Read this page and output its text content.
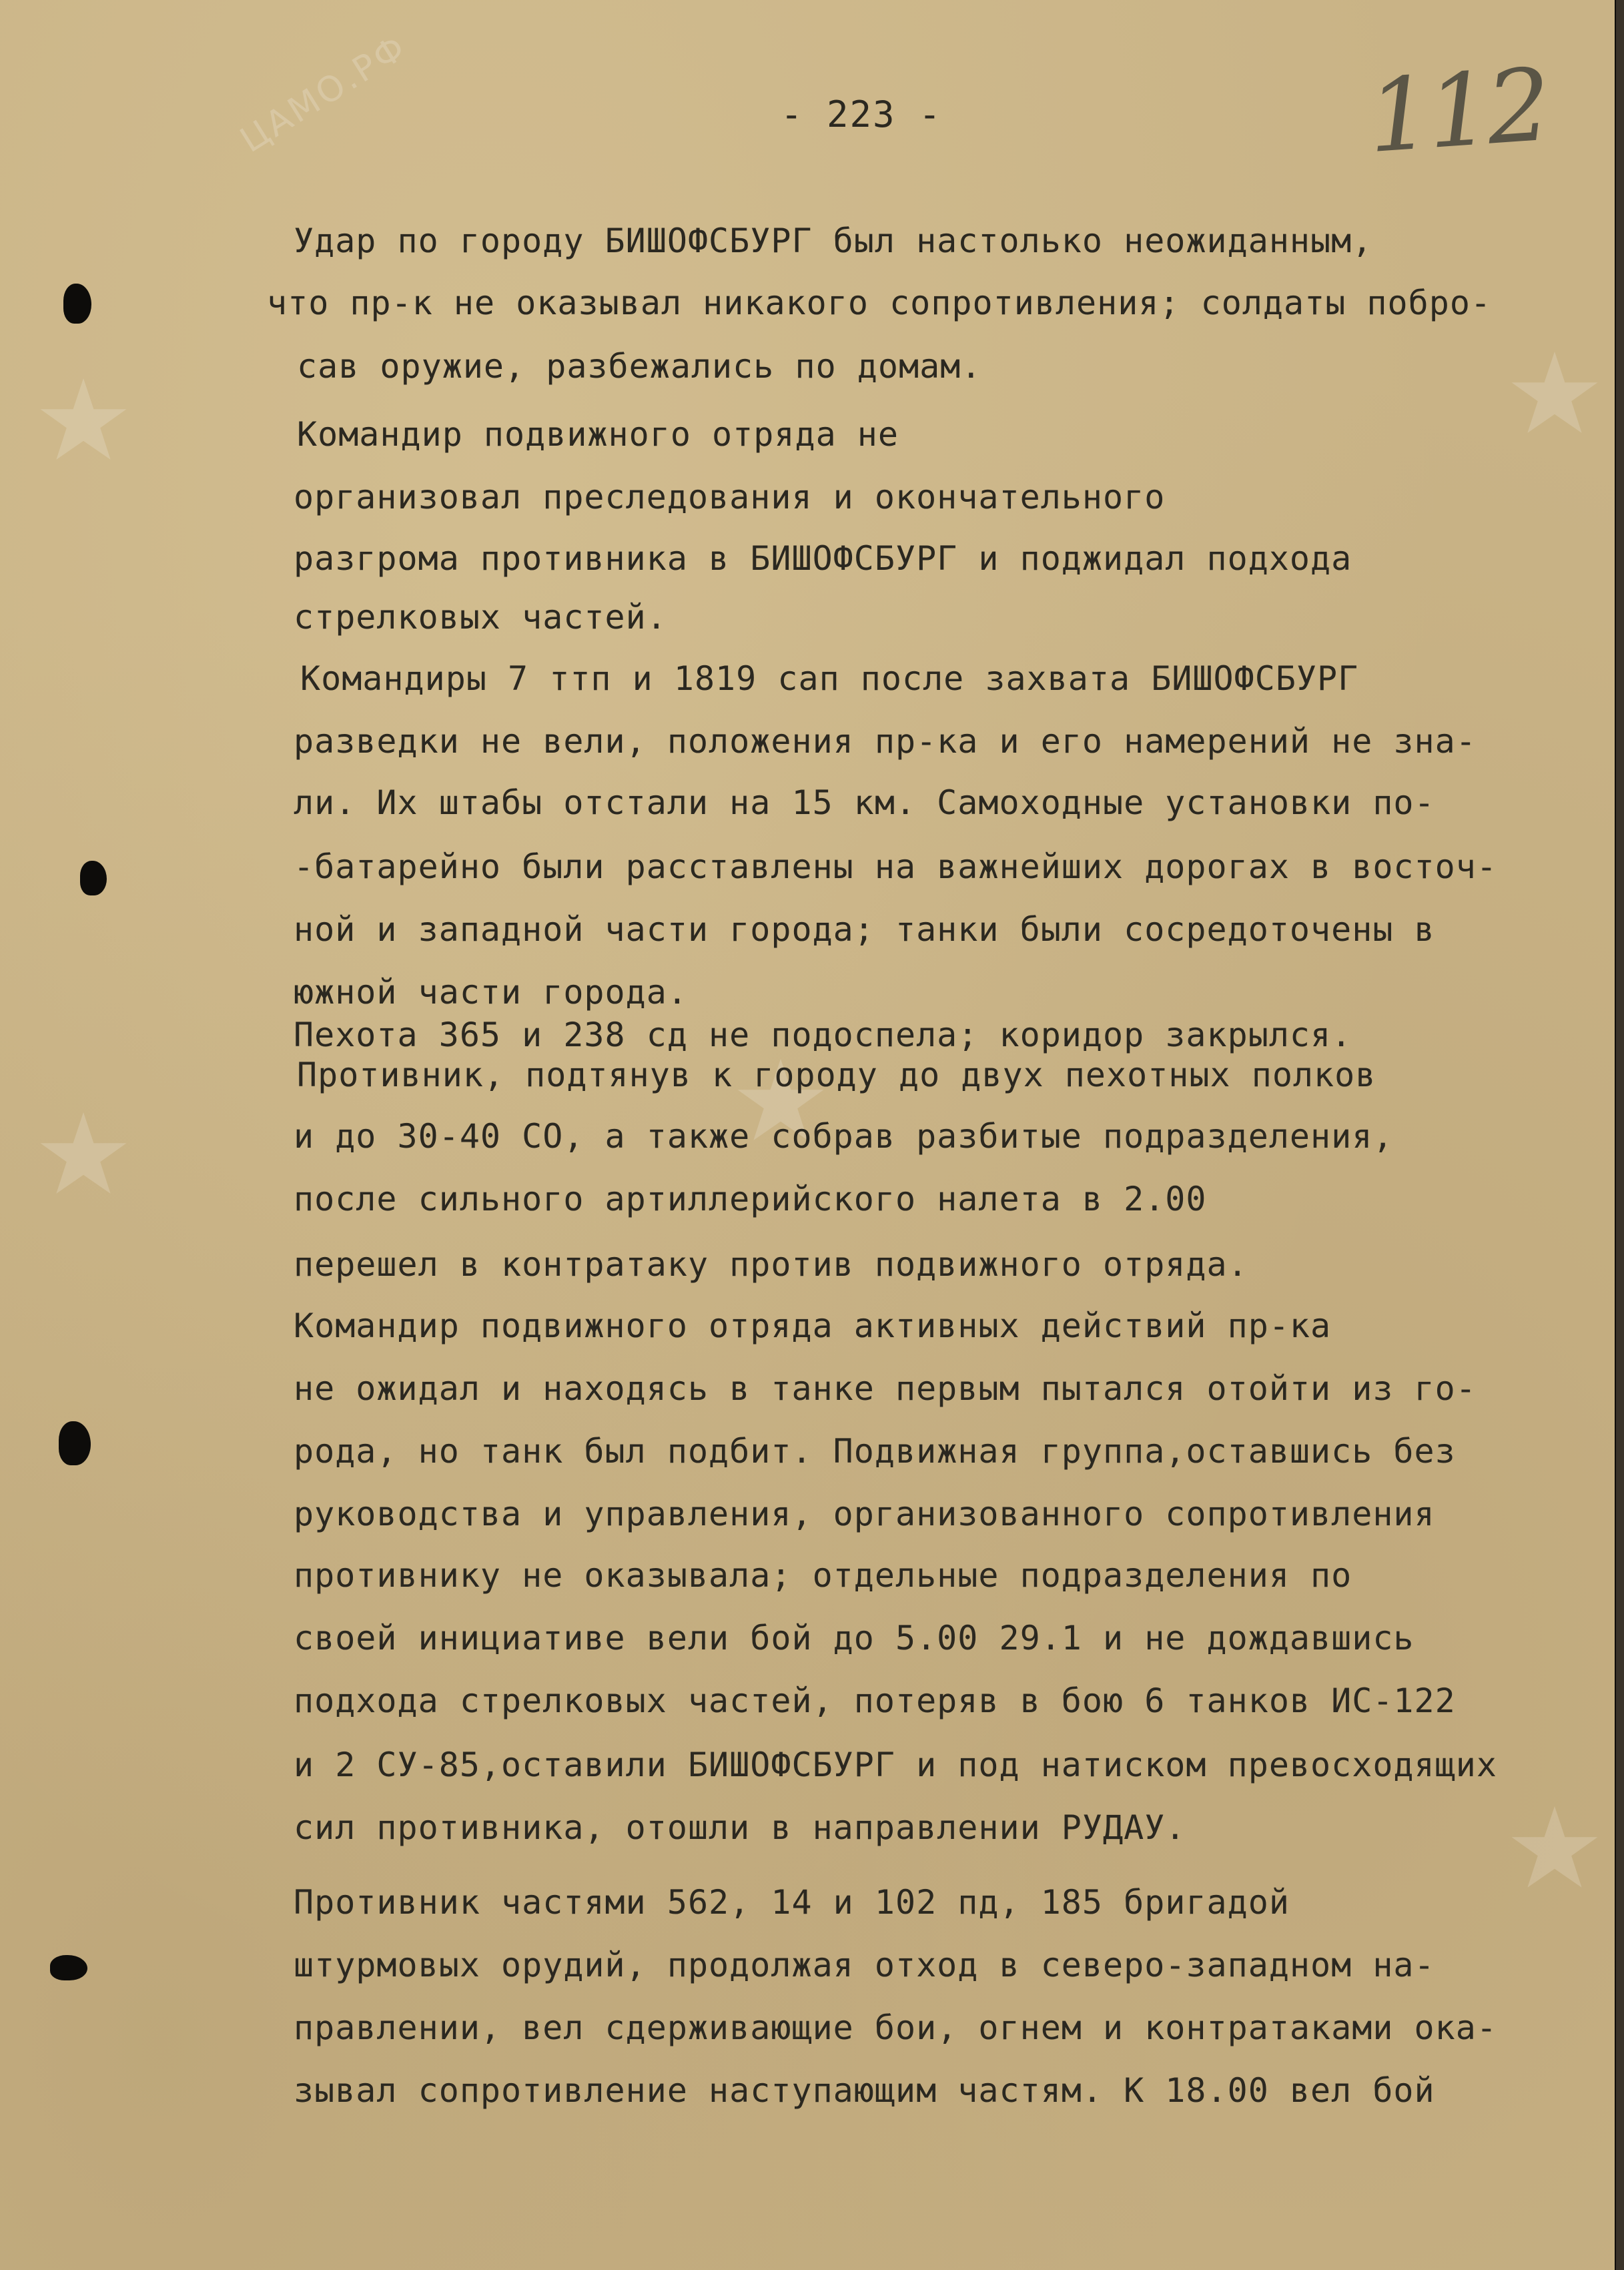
ЦАМО.РФ	- 223 -	112
Удар по городу БИШОФСБУРГ был настолько неожиданным,
что пр-к не оказывал никакого сопротивления; солдаты побро-
сав оружие, разбежались по домам.
Командир подвижного отряда не
организовал преследования и окончательного
разгрома противника в БИШОФСБУРГ и поджидал подхода
стрелковых частей.
Командиры 7 ттп и 1819 сап после захвата БИШОФСБУРГ
разведки не вели, положения пр-ка и его намерений не зна-
ли. Их штабы отстали на 15 км. Самоходные установки по-
-батарейно были расставлены на важнейших дорогах в восточ-
ной и западной части города; танки были сосредоточены в
южной части города.
Пехота 365 и 238 сд не подоспела; коридор закрылся.
Противник, подтянув к городу до двух пехотных полков
и до 30-40 СО, а также собрав разбитые подразделения,
после сильного артиллерийского налета в 2.00
перешел в контратаку против подвижного отряда.
Командир подвижного отряда активных действий пр-ка
не ожидал и находясь в танке первым пытался отойти из го-
рода, но танк был подбит. Подвижная группа,оставшись без
руководства и управления, организованного сопротивления
противнику не оказывала; отдельные подразделения по
своей инициативе вели бой до 5.00 29.1 и не дождавшись
подхода стрелковых частей, потеряв в бою 6 танков ИС-122
и 2 СУ-85,оставили БИШОФСБУРГ и под натиском превосходящих
сил противника, отошли в направлении РУДАУ.
Противник частями 562, 14 и 102 пд, 185 бригадой
штурмовых орудий, продолжая отход в северо-западном на-
правлении, вел сдерживающие бои, огнем и контратаками ока-
зывал сопротивление наступающим частям. К 18.00 вел бой
